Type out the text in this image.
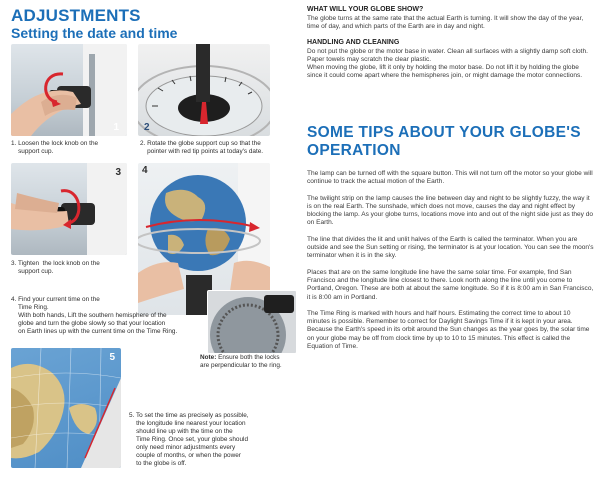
ADJUSTMENTS
Setting the date and time
1
1. Loosen the lock knob on the
support cup.
2
2. Rotate the globe support cup so that the
pointer with red tip points at today's date.
3
3. Tighten  the lock knob on the
support cup.
4
4. Find your current time on the
Time Ring.
With both hands, Lift the southern hemisphere of the
globe and turn the globe slowly so that your location
on Earth lines up with the current time on the Time Ring.
Note: Ensure both the locks
are perpendicular to the ring.
5
5. To set the time as precisely as possible,
the longitude line nearest your location
should line up with the time on the
Time Ring. Once set, your globe should
only need minor adjustments every
couple of months, or when the power
to the globe is off.
WHAT WILL YOUR GLOBE SHOW?

The globe turns at the same rate that the actual Earth is turning. It will show the day of the year, time of day, and which parts of the Earth are in day and night.

HANDLING AND CLEANING

Do not put the globe or the motor base in water. Clean all surfaces with a slightly damp soft cloth. Paper towels may scratch the clear plastic.
When moving the globe, lift it only by holding the motor base. Do not lift it by holding the globe since it could come apart where the hemispheres join, or might damage the motor connections.

SOME TIPS ABOUT YOUR GLOBE'S OPERATION

The lamp can be turned off with the square button. This will not turn off the motor so your globe will continue to track the actual motion of the Earth.

The twilight strip on the lamp causes the line between day and night to be slightly fuzzy, the way it is on the real Earth. The sunshade, which does not move, causes the day and night effect by blocking the lamp. As your globe turns, locations move into and out of the night side just as they do on Earth.

The line that divides the lit and unlit halves of the Earth is called the terminator. When you are outside and see the Sun setting or rising, the terminator is at your location. You can see the moon's terminator when it is in the sky.

Places that are on the same longitude line have the same solar time. For example, find San Francisco and the longitude line closest to there. Look north along the line until you come to Portland, Oregon. These are both at about the same longitude. So if it is 8:00 am in San Francisco, it is 8:00 am in Portland.

The Time Ring is marked with hours and half hours. Estimating the correct time to about 10 minutes is possible. Remember to correct for Daylight Savings Time if it is kept in your area. Because the Earth's speed in its orbit around the Sun changes as the year goes by, the solar time on your globe may be off from clock time by up to 10 to 15 minutes. This effect is called the Equation of Time.
